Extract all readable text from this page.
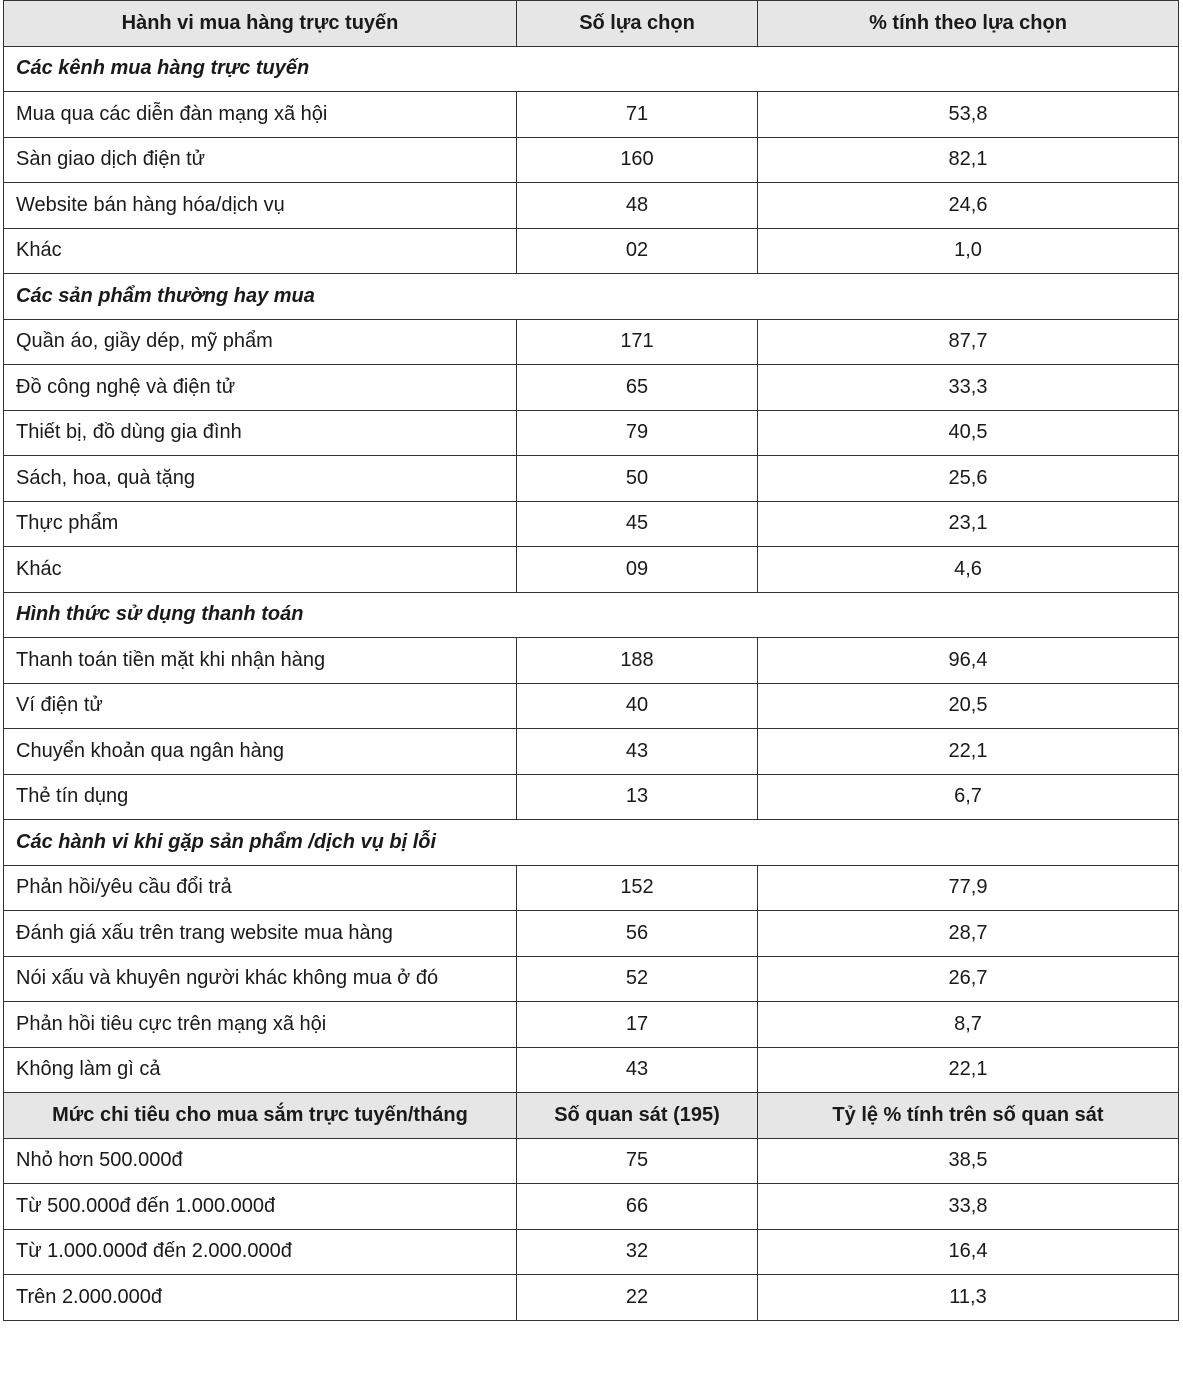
Hành vi mua hàng trực tuyến	Số lựa chọn	% tính theo lựa chọn
Các kênh mua hàng trực tuyến		
Mua qua các diễn đàn mạng xã hội	71	53,8
Sàn giao dịch điện tử	160	82,1
Website bán hàng hóa/dịch vụ	48	24,6
Khác	02	1,0
Các sản phẩm thường hay mua		
Quần áo, giầy dép, mỹ phẩm	171	87,7
Đồ công nghệ và điện tử	65	33,3
Thiết bị, đồ dùng gia đình	79	40,5
Sách, hoa, quà tặng	50	25,6
Thực phẩm	45	23,1
Khác	09	4,6
Hình thức sử dụng thanh toán		
Thanh toán tiền mặt khi nhận hàng	188	96,4
Ví điện tử	40	20,5
Chuyển khoản qua ngân hàng	43	22,1
Thẻ tín dụng	13	6,7
Các hành vi khi gặp sản phẩm /dịch vụ bị lỗi		
Phản hồi/yêu cầu đổi trả	152	77,9
Đánh giá xấu trên trang website mua hàng	56	28,7
Nói xấu và khuyên người khác không mua ở đó	52	26,7
Phản hồi tiêu cực trên mạng xã hội	17	8,7
Không làm gì cả	43	22,1
Mức chi tiêu cho mua sắm trực tuyến/tháng	Số quan sát (195)	Tỷ lệ % tính trên số quan sát
Nhỏ hơn 500.000đ	75	38,5
Từ 500.000đ đến 1.000.000đ	66	33,8
Từ 1.000.000đ đến 2.000.000đ	32	16,4
Trên 2.000.000đ	22	11,3
